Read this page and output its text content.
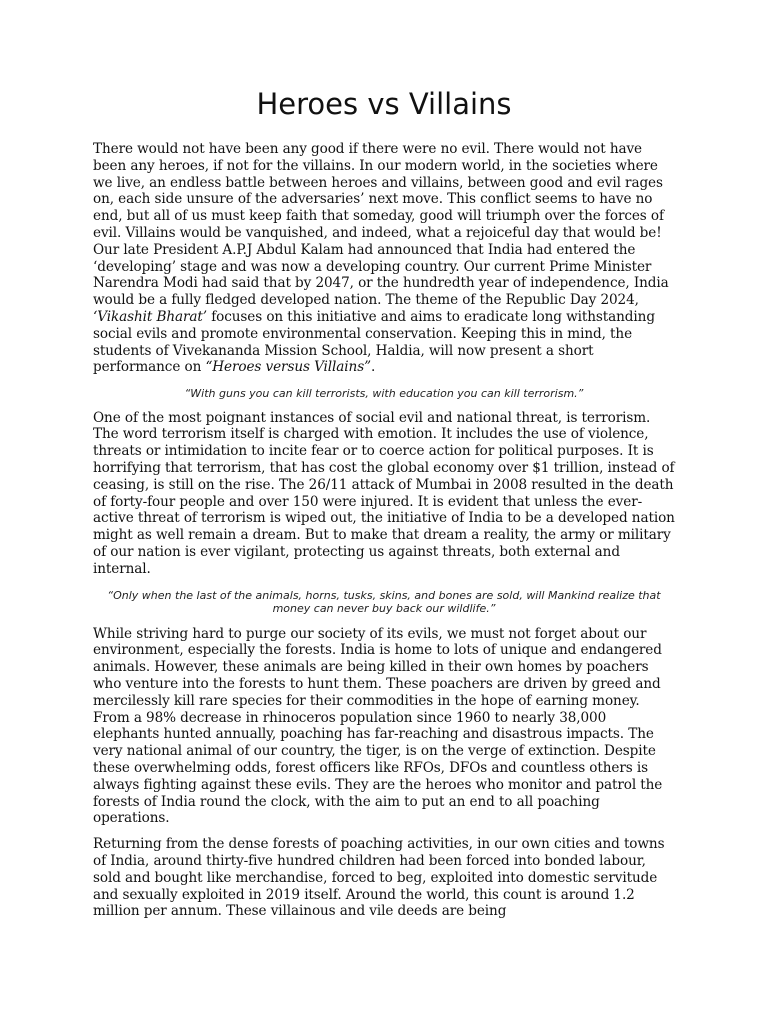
Heroes vs Villains

There would not have been any good if there were no evil. There would not have been any heroes, if not for the villains. In our modern world, in the societies where we live, an endless battle between heroes and villains, between good and evil rages on, each side unsure of the adversaries’ next move. This conflict seems to have no end, but all of us must keep faith that someday, good will triumph over the forces of evil. Villains would be vanquished, and indeed, what a rejoiceful day that would be! Our late President A.P.J Abdul Kalam had announced that India had entered the ‘developing’ stage and was now a developing country. Our current Prime Minister Narendra Modi had said that by 2047, or the hundredth year of independence, India would be a fully fledged developed nation. The theme of the Republic Day 2024, ‘Vikashit Bharat’ focuses on this initiative and aims to eradicate long withstanding social evils and promote environmental conservation. Keeping this in mind, the students of Vivekananda Mission School, Haldia, will now present a short performance on “Heroes versus Villains”.

“With guns you can kill terrorists, with education you can kill terrorism.”

One of the most poignant instances of social evil and national threat, is terrorism. The word terrorism itself is charged with emotion. It includes the use of violence, threats or intimidation to incite fear or to coerce action for political purposes. It is horrifying that terrorism, that has cost the global economy over $1 trillion, instead of ceasing, is still on the rise. The 26/11 attack of Mumbai in 2008 resulted in the death of forty-four people and over 150 were injured. It is evident that unless the ever-active threat of terrorism is wiped out, the initiative of India to be a developed nation might as well remain a dream. But to make that dream a reality, the army or military of our nation is ever vigilant, protecting us against threats, both external and internal.

“Only when the last of the animals, horns, tusks, skins, and bones are sold, will Mankind realize that money can never buy back our wildlife.”

While striving hard to purge our society of its evils, we must not forget about our environment, especially the forests. India is home to lots of unique and endangered animals. However, these animals are being killed in their own homes by poachers who venture into the forests to hunt them. These poachers are driven by greed and mercilessly kill rare species for their commodities in the hope of earning money. From a 98% decrease in rhinoceros population since 1960 to nearly 38,000 elephants hunted annually, poaching has far-reaching and disastrous impacts. The very national animal of our country, the tiger, is on the verge of extinction. Despite these overwhelming odds, forest officers like RFOs, DFOs and countless others is always fighting against these evils. They are the heroes who monitor and patrol the forests of India round the clock, with the aim to put an end to all poaching operations.

Returning from the dense forests of poaching activities, in our own cities and towns of India, around thirty-five hundred children had been forced into bonded labour, sold and bought like merchandise, forced to beg, exploited into domestic servitude and sexually exploited in 2019 itself. Around the world, this count is around 1.2 million per annum. These villainous and vile deeds are being
